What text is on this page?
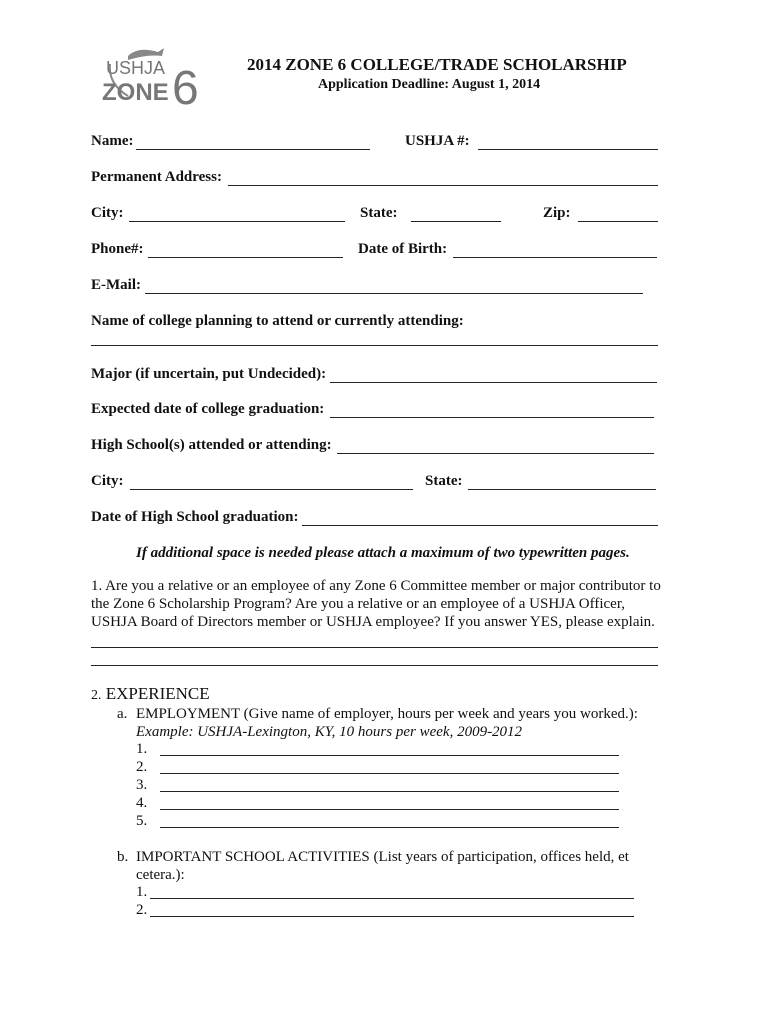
USHJA
ZONE 6	2014 ZONE 6 COLLEGE/TRADE SCHOLARSHIP
Application Deadline: August 1, 2014
Name:	USHJA #:
Permanent Address:
City:	State:	Zip:
Phone#:	Date of Birth:
E-Mail:
Name of college planning to attend or currently attending:
Major (if uncertain, put Undecided):
Expected date of college graduation:
High School(s) attended or attending:
City:	State:
Date of High School graduation:
If additional space is needed please attach a maximum of two typewritten pages.
1. Are you a relative or an employee of any Zone 6 Committee member or major contributor to
the Zone 6 Scholarship Program? Are you a relative or an employee of a USHJA Officer,
USHJA Board of Directors member or USHJA employee? If you answer YES, please explain.
2. EXPERIENCE
a. EMPLOYMENT (Give name of employer, hours per week and years you worked.):
Example: USHJA-Lexington, KY, 10 hours per week, 2009-2012
1.
2.
3.
4.
5.
b. IMPORTANT SCHOOL ACTIVITIES (List years of participation, offices held, et
cetera.):
1.
2.
